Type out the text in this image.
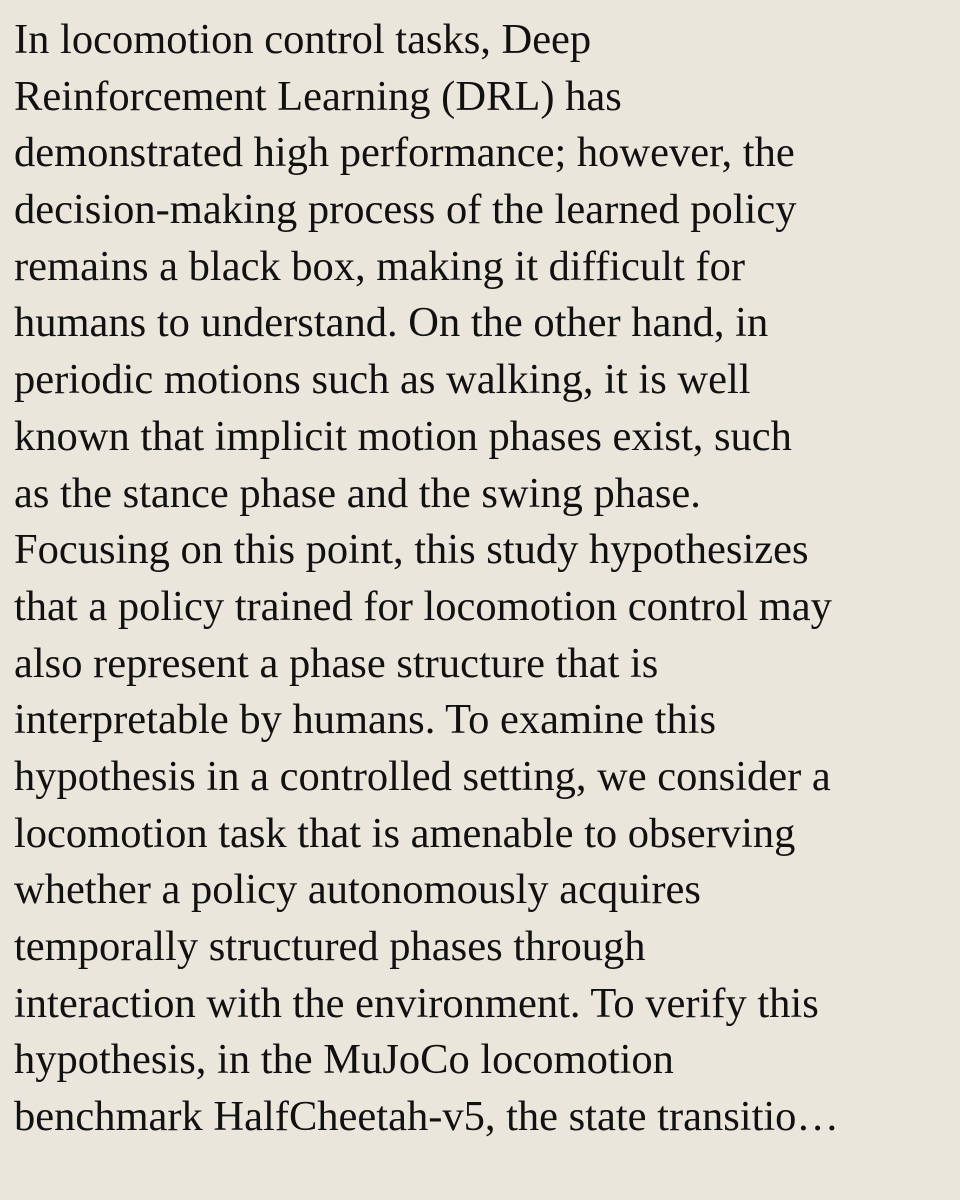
In locomotion control tasks, Deep
Reinforcement Learning (DRL) has
demonstrated high performance; however, the
decision-making process of the learned policy
remains a black box, making it difficult for
humans to understand. On the other hand, in
periodic motions such as walking, it is well
known that implicit motion phases exist, such
as the stance phase and the swing phase.
Focusing on this point, this study hypothesizes
that a policy trained for locomotion control may
also represent a phase structure that is
interpretable by humans. To examine this
hypothesis in a controlled setting, we consider a
locomotion task that is amenable to observing
whether a policy autonomously acquires
temporally structured phases through
interaction with the environment. To verify this
hypothesis, in the MuJoCo locomotion
benchmark HalfCheetah-v5, the state transitio…
